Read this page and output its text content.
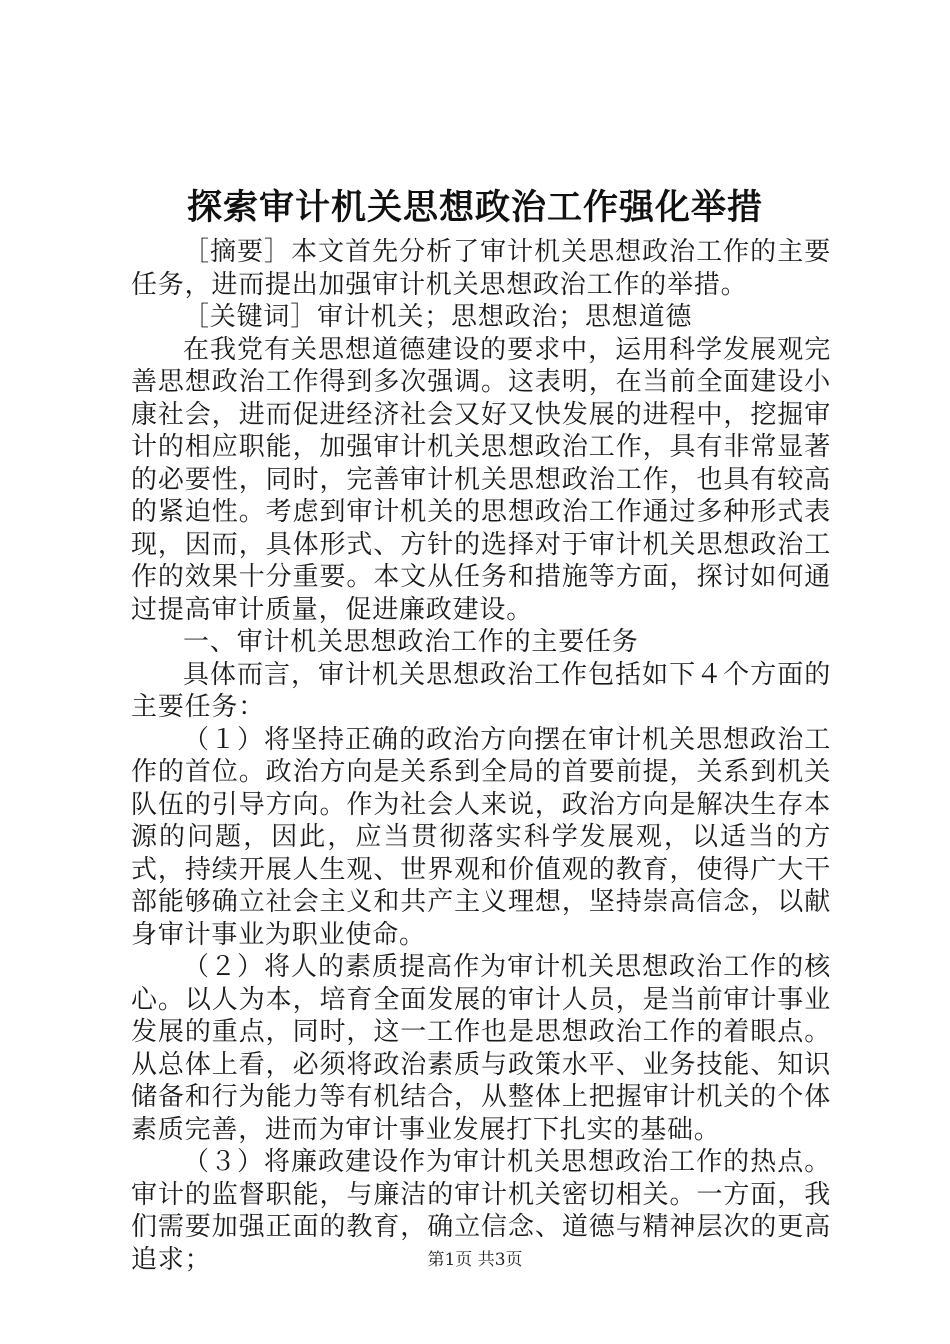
探索审计机关思想政治工作强化举措

［摘要］本文首先分析了审计机关思想政治工作的主要任务，进而提出加强审计机关思想政治工作的举措。

［关键词］审计机关；思想政治；思想道德

在我党有关思想道德建设的要求中，运用科学发展观完善思想政治工作得到多次强调。这表明，在当前全面建设小康社会，进而促进经济社会又好又快发展的进程中，挖掘审计的相应职能，加强审计机关思想政治工作，具有非常显著的必要性，同时，完善审计机关思想政治工作，也具有较高的紧迫性。考虑到审计机关的思想政治工作通过多种形式表现，因而，具体形式、方针的选择对于审计机关思想政治工作的效果十分重要。本文从任务和措施等方面，探讨如何通过提高审计质量，促进廉政建设。

一、审计机关思想政治工作的主要任务

具体而言，审计机关思想政治工作包括如下４个方面的主要任务：

（１）将坚持正确的政治方向摆在审计机关思想政治工作的首位。政治方向是关系到全局的首要前提，关系到机关队伍的引导方向。作为社会人来说，政治方向是解决生存本源的问题，因此，应当贯彻落实科学发展观，以适当的方式，持续开展人生观、世界观和价值观的教育，使得广大干部能够确立社会主义和共产主义理想，坚持崇高信念，以献身审计事业为职业使命。

（２）将人的素质提高作为审计机关思想政治工作的核心。以人为本，培育全面发展的审计人员，是当前审计事业发展的重点，同时，这一工作也是思想政治工作的着眼点。从总体上看，必须将政治素质与政策水平、业务技能、知识储备和行为能力等有机结合，从整体上把握审计机关的个体素质完善，进而为审计事业发展打下扎实的基础。

（３）将廉政建设作为审计机关思想政治工作的热点。审计的监督职能，与廉洁的审计机关密切相关。一方面，我们需要加强正面的教育，确立信念、道德与精神层次的更高追求；	第1页 共3页
